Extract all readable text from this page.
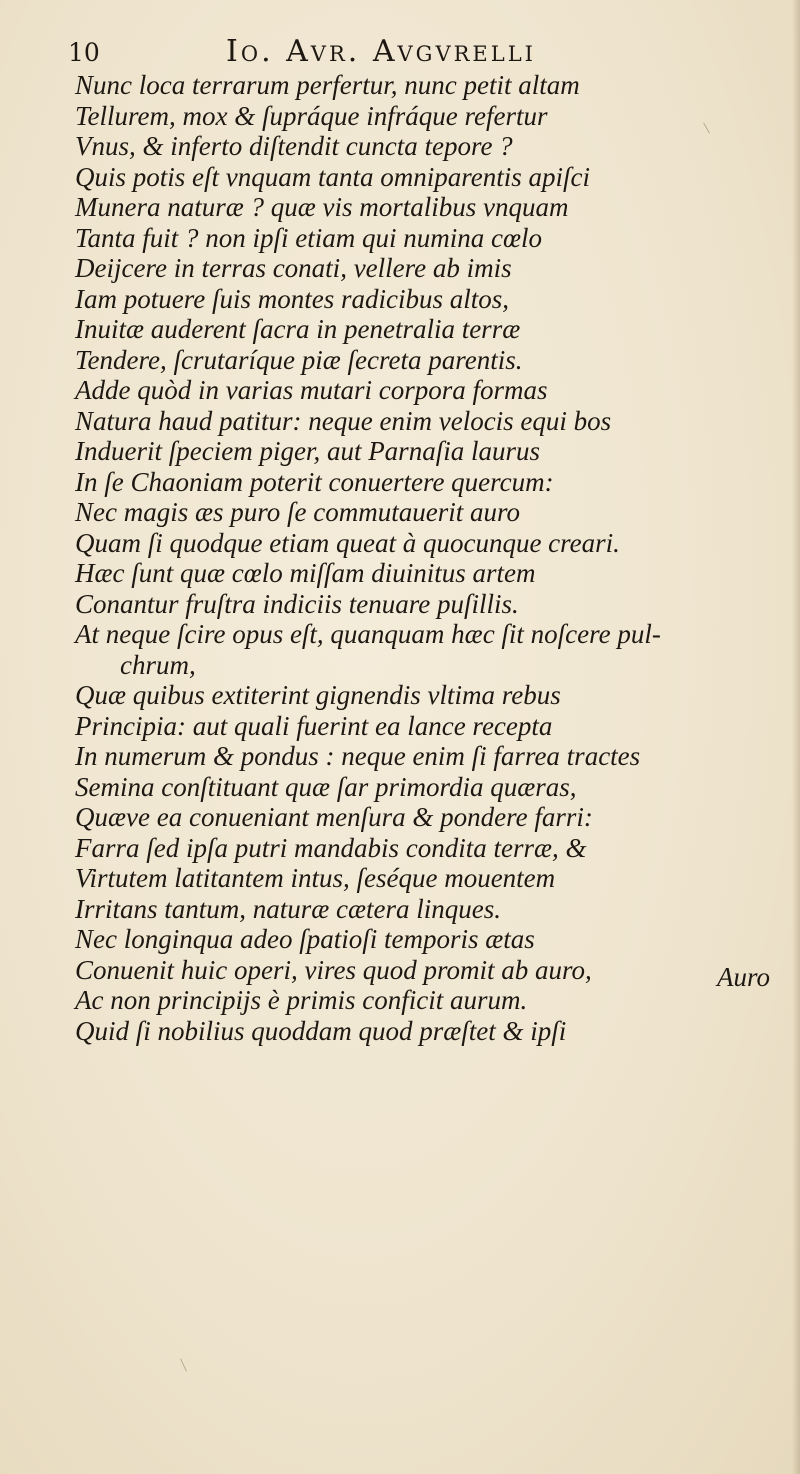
10	Io. Avr. Avgvrelli
Nunc loca terrarum perfertur, nunc petit altam
Tellurem, mox & ſupráque infráque refertur
Vnus, & inferto diſtendit cuncta tepore ?
Quis potis eſt vnquam tanta omniparentis apiſci
Munera naturæ ? quæ vis mortalibus vnquam
Tanta fuit ? non ipſi etiam qui numina cœlo
Deijcere in terras conati, vellere ab imis
Iam potuere ſuis montes radicibus altos,
Inuitæ auderent ſacra in penetralia terræ
Tendere, ſcrutaríque piæ ſecreta parentis.
Adde quòd in varias mutari corpora formas
Natura haud patitur: neque enim velocis equi bos
Induerit ſpeciem piger, aut Parnaſia laurus
In ſe Chaoniam poterit conuertere quercum:
Nec magis æs puro ſe commutauerit auro
Quam ſi quodque etiam queat à quocunque creari.
Hæc ſunt quæ cœlo miſſam diuinitus artem
Conantur fruſtra indiciis tenuare puſillis.
At neque ſcire opus eſt, quanquam hæc ſit noſcere pul-
chrum,
Quæ quibus extiterint gignendis vltima rebus
Principia: aut quali fuerint ea lance recepta
In numerum & pondus : neque enim ſi farrea tractes
Semina conſtituant quæ ſar primordia quæras,
Quæve ea conueniant menſura & pondere farri:
Farra ſed ipſa putri mandabis condita terræ, &
Virtutem latitantem intus, ſeséque mouentem
Irritans tantum, naturæ cætera linques.
Nec longinqua adeo ſpatioſi temporis ætas
Conuenit huic operi, vires quod promit ab auro,
Ac non principijs è primis conficit aurum.
Quid ſi nobilius quoddam quod præſtet & ipſi
Auro
